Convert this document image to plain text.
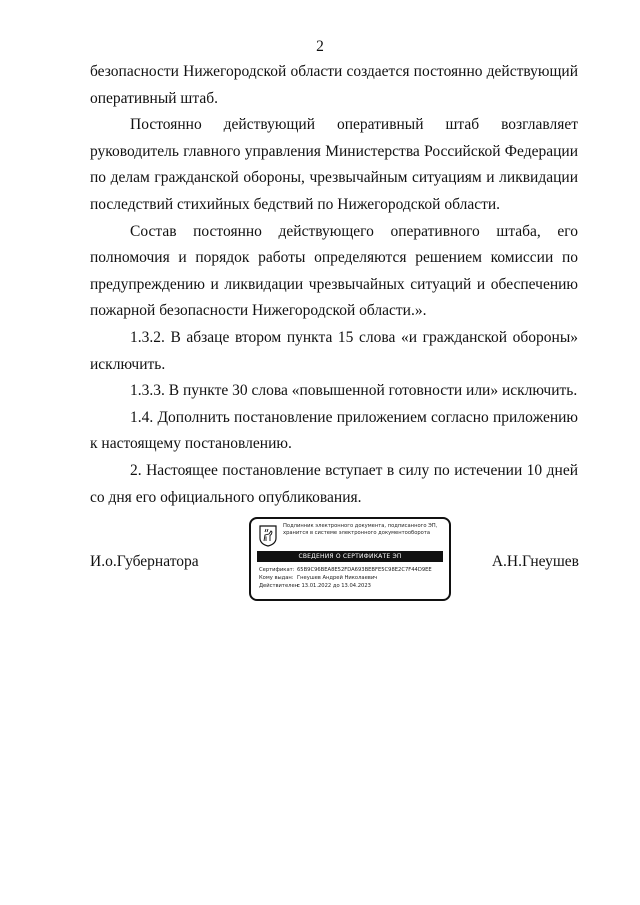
2

безопасности Нижегородской области создается постоянно действующий оперативный штаб.

Постоянно действующий оперативный штаб возглавляет руководитель главного управления Министерства Российской Федерации по делам гражданской обороны, чрезвычайным ситуациям и ликвидации последствий стихийных бедствий по Нижегородской области.

Состав постоянно действующего оперативного штаба, его полномочия и порядок работы определяются решением комиссии по предупреждению и ликвидации чрезвычайных ситуаций и обеспечению пожарной безопасности Нижегородской области.».

1.3.2. В абзаце втором пункта 15 слова «и гражданской обороны» исключить.

1.3.3. В пункте 30 слова «повышенной готовности или» исключить.

1.4. Дополнить постановление приложением согласно приложению к настоящему постановлению.

2. Настоящее постановление вступает в силу по истечении 10 дней со дня его официального опубликования.

И.о.Губернатора	А.Н.Гнеушев
Подлинник электронного документа, подписанного ЭП, хранится в системе электронного документооборота
СВЕДЕНИЯ О СЕРТИФИКАТЕ ЭП
Сертификат: 65B9C96BEA8E52FDA693BEBFE5C98E2C7F44D9EE
Кому выдан: Гнеушев Андрей Николаевич
Действителен:с 13.01.2022 до 13.04.2023
